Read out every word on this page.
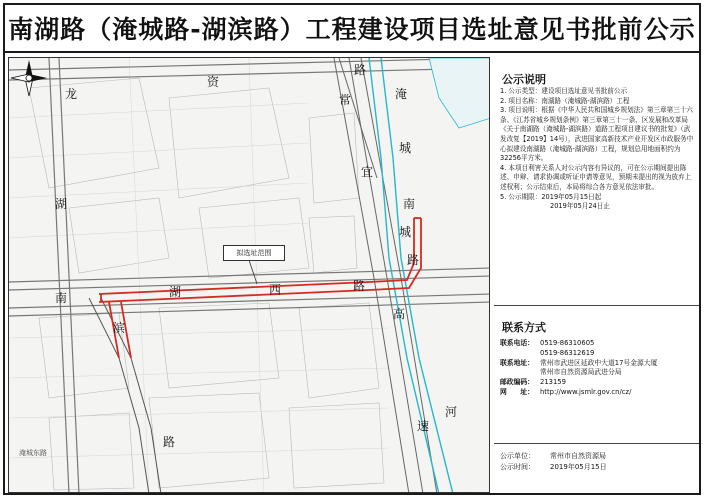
南湖路（淹城路-湖滨路）工程建设项目选址意见书批前公示
龙
资
路
常
宜
淹
城
南
城
路
湖
南	湖	西	路
高
滨
路
速
河
拟选址范围
淹城东路
公示说明

1. 公示类型：建设项目选址意见书批前公示

2. 项目名称：南湖路（淹城路-湖滨路）工程

3. 项目说明：根据《中华人民共和国城乡规划法》第三章第三十六条、《江苏省城乡规划条例》第三章第三十一条、区发展和改革局《关于南湖路（淹城路-湖滨路）道路工程项目建议书的批复》（武发改复【2019】14号），武进国家高新技术产业开发区市政服务中心拟建设南湖路（淹城路-湖滨路）工程，规划总用地面积约为32256平方米。

4. 本项目利害关系人对公示内容有异议的，可在公示期间提出陈述、申辩、请求协调或听证申请等意见，预期未提出的视为放弃上述权利；公示结束后，本局将综合各方意见依法审批。

5. 公示期限：2019年05月15日起

2019年05月24日止

联系方式
联系电话： 0519-86310605
0519-86312619
联系地址： 常州市武进区延政中大道17号金源大厦
常州市自然资源局武进分局
邮政编码： 213159
网　　址： http://www.jsmlr.gov.cn/cz/
公示单位：	常州市自然资源局
公示时间：	2019年05月15日
